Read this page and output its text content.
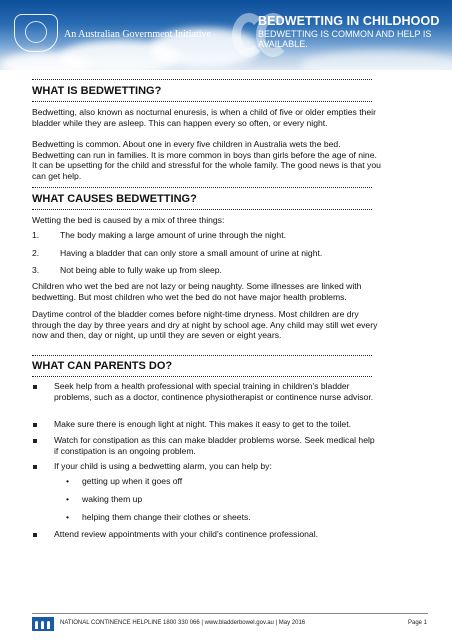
An Australian Government Initiative
BEDWETTING IN CHILDHOOD
BEDWETTING IS COMMON AND HELP IS AVAILABLE.
WHAT IS BEDWETTING?
Bedwetting, also known as nocturnal enuresis, is when a child of five or older empties their bladder while they are asleep. This can happen every so often, or every night.
Bedwetting is common. About one in every five children in Australia wets the bed. Bedwetting can run in families. It is more common in boys than girls before the age of nine. It can be upsetting for the child and stressful for the whole family. The good news is that you can get help.
WHAT CAUSES BEDWETTING?
Wetting the bed is caused by a mix of three things:
1. The body making a large amount of urine through the night.
2. Having a bladder that can only store a small amount of urine at night.
3. Not being able to fully wake up from sleep.
Children who wet the bed are not lazy or being naughty. Some illnesses are linked with bedwetting. But most children who wet the bed do not have major health problems.
Daytime control of the bladder comes before night-time dryness. Most children are dry through the day by three years and dry at night by school age. Any child may still wet every now and then, day or night, up until they are seven or eight years.
WHAT CAN PARENTS DO?
Seek help from a health professional with special training in children’s bladder problems, such as a doctor, continence physiotherapist or continence nurse advisor.
Make sure there is enough light at night. This makes it easy to get to the toilet.
Watch for constipation as this can make bladder problems worse. Seek medical help if constipation is an ongoing problem.
If your child is using a bedwetting alarm, you can help by:
• getting up when it goes off
• waking them up
• helping them change their clothes or sheets.
Attend review appointments with your child’s continence professional.
NATIONAL CONTINENCE HELPLINE 1800 330 066 | www.bladderbowel.gov.au | May 2016	Page 1
